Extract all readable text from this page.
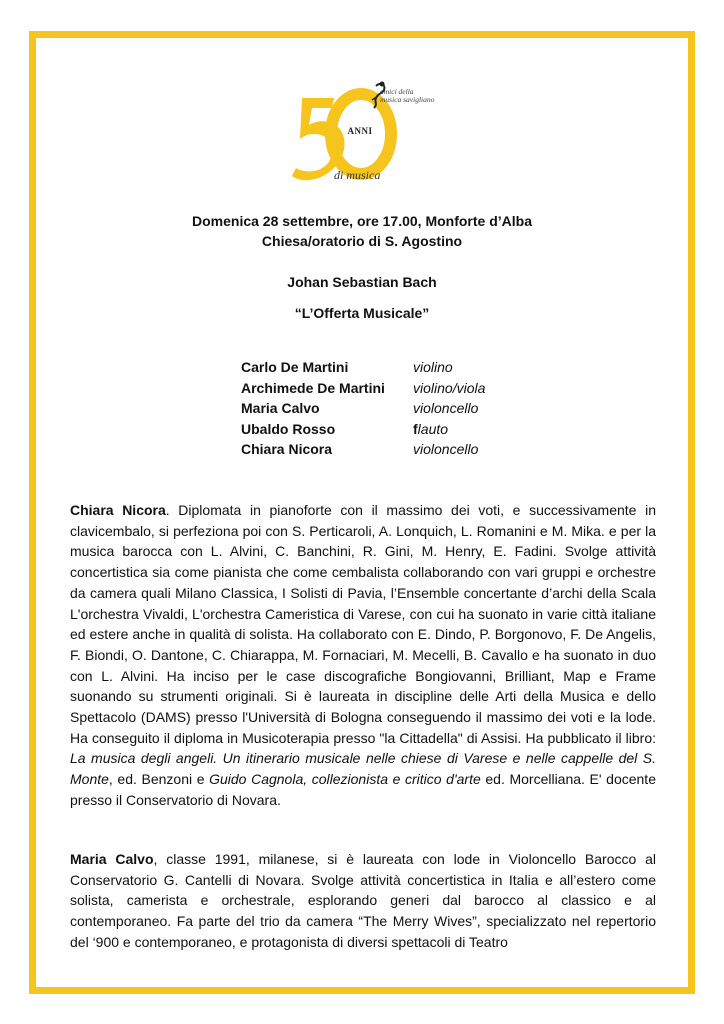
amici della
musica savigliano
ANNI
di musica
Domenica 28 settembre, ore 17.00, Monforte d’Alba
Chiesa/oratorio di S. Agostino
Johan Sebastian Bach
“L’Offerta Musicale”
Carlo De Martini	violino
Archimede De Martini	violino/viola
Maria Calvo	violoncello
Ubaldo Rosso	flauto
Chiara Nicora	violoncello

Chiara Nicora. Diplomata in pianoforte con il massimo dei voti, e successivamente in clavicembalo, si perfeziona poi con S. Perticaroli, A. Lonquich, L. Romanini e M. Mika. e per la musica barocca con L. Alvini, C. Banchini, R. Gini, M. Henry, E. Fadini. Svolge attività concertistica sia come pianista che come cembalista collaborando con vari gruppi e orchestre da camera quali Milano Classica, I Solisti di Pavia, l’Ensemble concertante d’archi della Scala L'orchestra Vivaldi, L'orchestra Cameristica di Varese, con cui ha suonato in varie città italiane ed estere anche in qualità di solista. Ha collaborato con E. Dindo, P. Borgonovo, F. De Angelis, F. Biondi, O. Dantone, C. Chiarappa, M. Fornaciari, M. Mecelli, B. Cavallo e ha suonato in duo con L. Alvini. Ha inciso per le case discografiche Bongiovanni, Brilliant, Map e Frame suonando su strumenti originali. Si è laureata in discipline delle Arti della Musica e dello Spettacolo (DAMS) presso l'Università di Bologna conseguendo il massimo dei voti e la lode. Ha conseguito il diploma in Musicoterapia presso "la Cittadella" di Assisi. Ha pubblicato il libro: La musica degli angeli. Un itinerario musicale nelle chiese di Varese e nelle cappelle del S. Monte, ed. Benzoni e Guido Cagnola, collezionista e critico d'arte ed. Morcelliana. E' docente presso il Conservatorio di Novara.

Maria Calvo, classe 1991, milanese, si è laureata con lode in Violoncello Barocco al Conservatorio G. Cantelli di Novara. Svolge attività concertistica in Italia e all’estero come solista, camerista e orchestrale, esplorando generi dal barocco al classico e al contemporaneo. Fa parte del trio da camera “The Merry Wives”, specializzato nel repertorio del ‘900 e contemporaneo, e protagonista di diversi spettacoli di Teatro
